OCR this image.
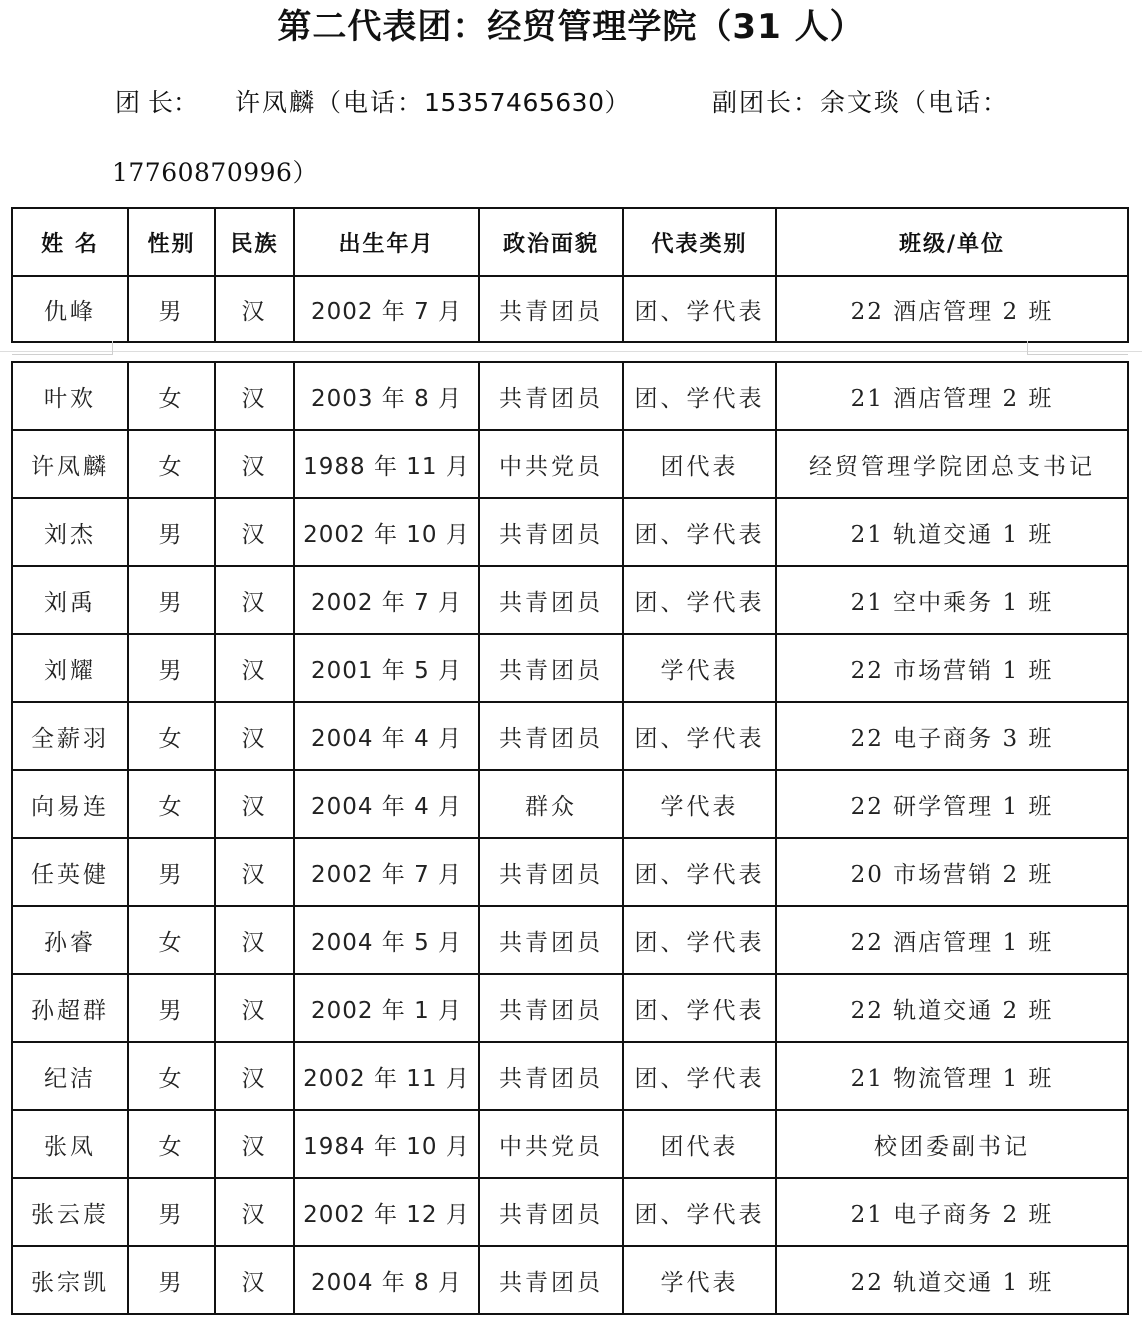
第二代表团：经贸管理学院（31 人）
团 长： 许凤麟（电话：15357465630）	副团长：余文琰（电话：
17760870996）
姓 名	性别	民族	出生年月	政治面貌	代表类别	班级/单位
仇峰	男	汉	2002 年 7 月	共青团员	团、学代表	22 酒店管理 2 班
叶欢	女	汉	2003 年 8 月	共青团员	团、学代表	21 酒店管理 2 班
许凤麟	女	汉	1988 年 11 月	中共党员	团代表	经贸管理学院团总支书记
刘杰	男	汉	2002 年 10 月	共青团员	团、学代表	21 轨道交通 1 班
刘禹	男	汉	2002 年 7 月	共青团员	团、学代表	21 空中乘务 1 班
刘耀	男	汉	2001 年 5 月	共青团员	学代表	22 市场营销 1 班
全薪羽	女	汉	2004 年 4 月	共青团员	团、学代表	22 电子商务 3 班
向易连	女	汉	2004 年 4 月	群众	学代表	22 研学管理 1 班
任英健	男	汉	2002 年 7 月	共青团员	团、学代表	20 市场营销 2 班
孙睿	女	汉	2004 年 5 月	共青团员	团、学代表	22 酒店管理 1 班
孙超群	男	汉	2002 年 1 月	共青团员	团、学代表	22 轨道交通 2 班
纪洁	女	汉	2002 年 11 月	共青团员	团、学代表	21 物流管理 1 班
张凤	女	汉	1984 年 10 月	中共党员	团代表	校团委副书记
张云莀	男	汉	2002 年 12 月	共青团员	团、学代表	21 电子商务 2 班
张宗凯	男	汉	2004 年 8 月	共青团员	学代表	22 轨道交通 1 班
